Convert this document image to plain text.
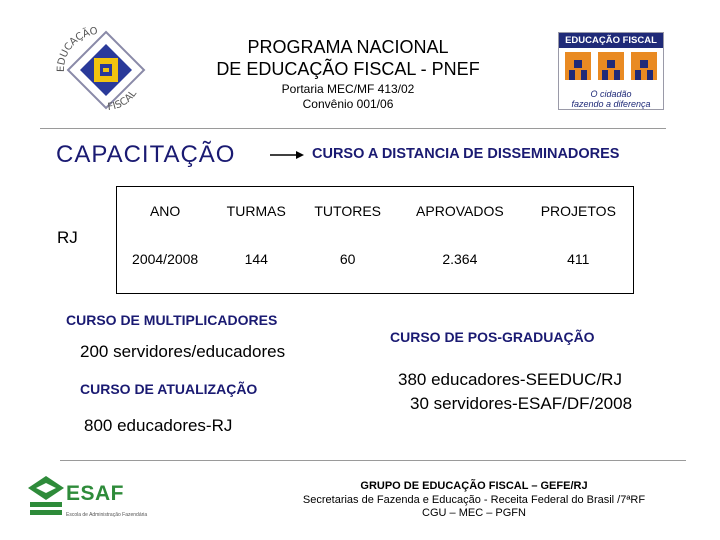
PROGRAMA NACIONAL
DE EDUCAÇÃO FISCAL - PNEF
Portaria MEC/MF 413/02
Convênio 001/06
EDUCAÇÃO
FISCAL
EDUCAÇÃO FISCAL
O cidadão
fazendo a diferença
CAPACITAÇÃO	CURSO A DISTANCIA DE DISSEMINADORES
RJ
ANO	TURMAS	TUTORES	APROVADOS	PROJETOS
2004/2008	144	60	2.364	411
CURSO DE MULTIPLICADORES
200 servidores/educadores
CURSO DE ATUALIZAÇÃO
800 educadores-RJ
CURSO DE POS-GRADUAÇÃO
380 educadores-SEEDUC/RJ
30 servidores-ESAF/DF/2008
ESAF
Escola de Administração Fazendária
GRUPO DE EDUCAÇÃO FISCAL – GEFE/RJ
Secretarias de Fazenda e Educação - Receita Federal do Brasil /7ªRF
CGU – MEC – PGFN
